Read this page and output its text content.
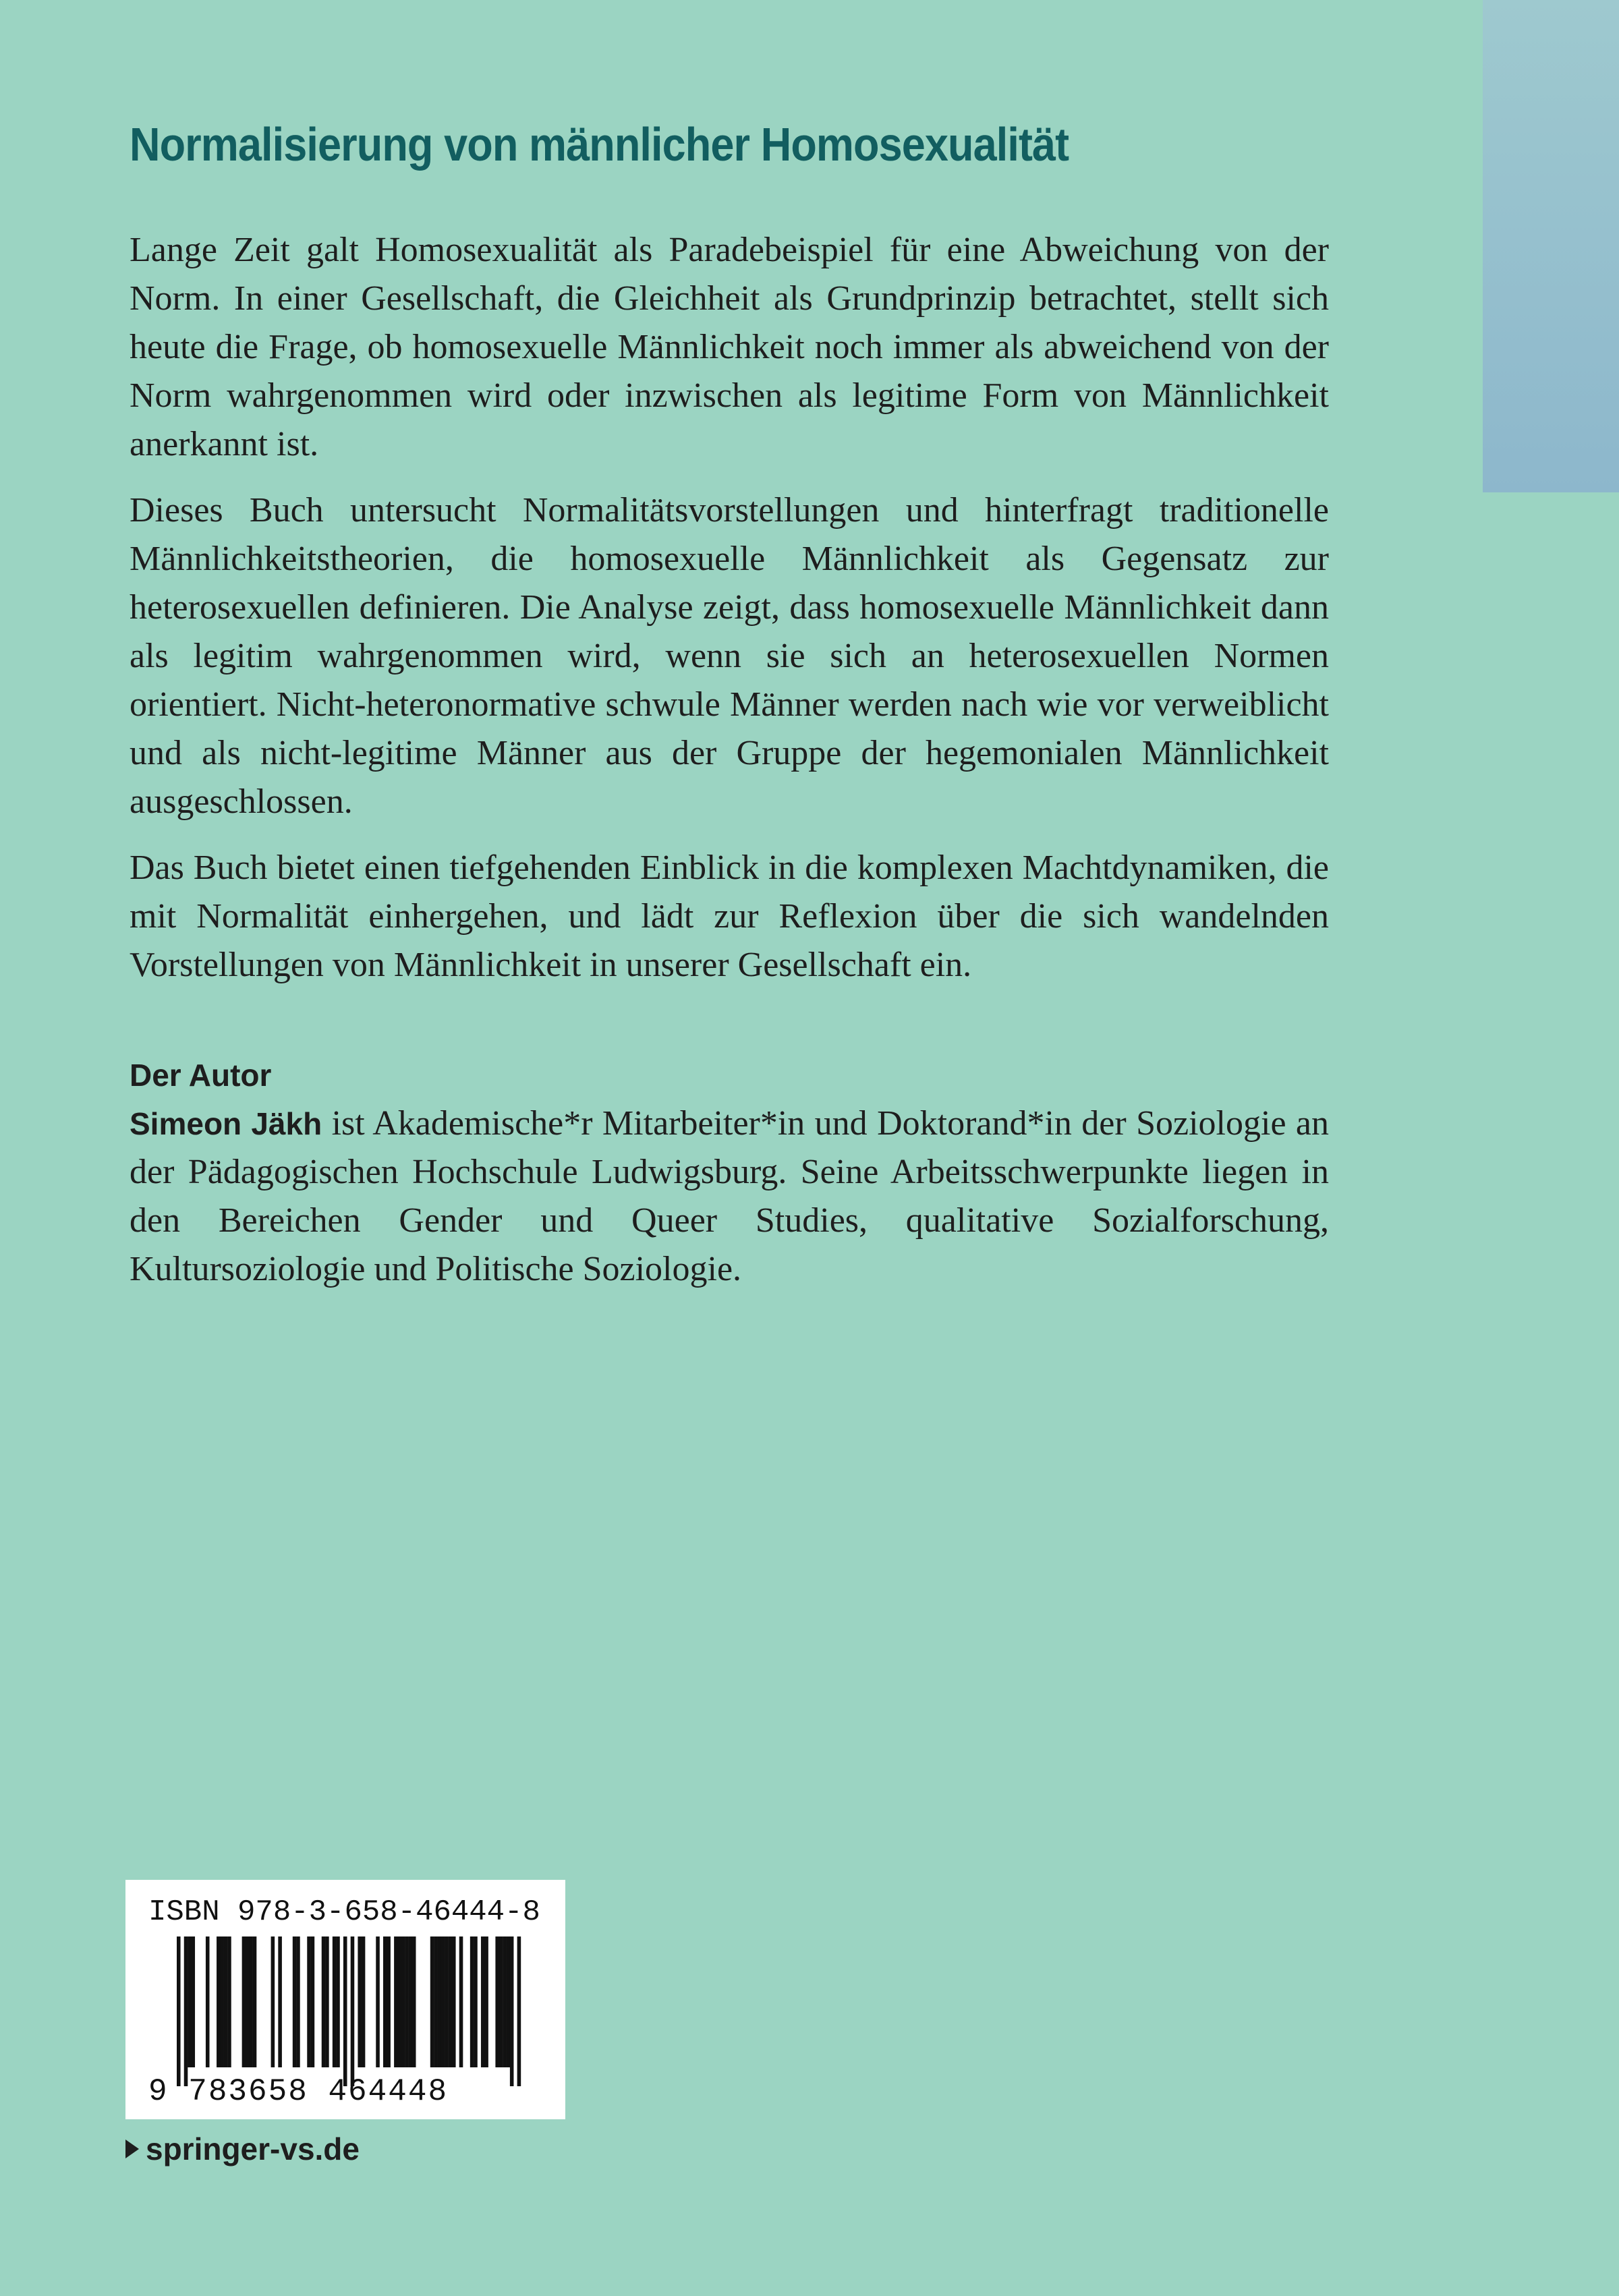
Normalisierung von männlicher Homosexualität

Lange Zeit galt Homosexualität als Paradebeispiel für eine Abweichung von der Norm. In einer Gesellschaft, die Gleichheit als Grundprinzip betrachtet, stellt sich heute die Frage, ob homosexuelle Männlichkeit noch immer als abweichend von der Norm wahrgenommen wird oder inzwischen als legitime Form von Männlichkeit anerkannt ist.

Dieses Buch untersucht Normalitätsvorstellungen und hinterfragt traditionelle Männlichkeitstheorien, die homosexuelle Männlichkeit als Gegensatz zur heterosexuellen definieren. Die Analyse zeigt, dass homosexuelle Männlichkeit dann als legitim wahrgenommen wird, wenn sie sich an heterosexuellen Normen orientiert. Nicht-heteronormative schwule Männer werden nach wie vor verweiblicht und als nicht-legitime Männer aus der Gruppe der hegemonialen Männlichkeit ausgeschlossen.

Das Buch bietet einen tiefgehenden Einblick in die komplexen Machtdynamiken, die mit Normalität einhergehen, und lädt zur Reflexion über die sich wandelnden Vorstellungen von Männlichkeit in unserer Gesellschaft ein.

Der Autor

Simeon Jäkh ist Akademische*r Mitarbeiter*in und Doktorand*in der Soziologie an der Pädagogischen Hochschule Ludwigsburg. Seine Arbeitsschwerpunkte liegen in den Bereichen Gender und Queer Studies, qualitative Sozialforschung, Kultursoziologie und Politische Soziologie.

ISBN 978-3-658-46444-8
9 783658 464448
springer-vs.de
